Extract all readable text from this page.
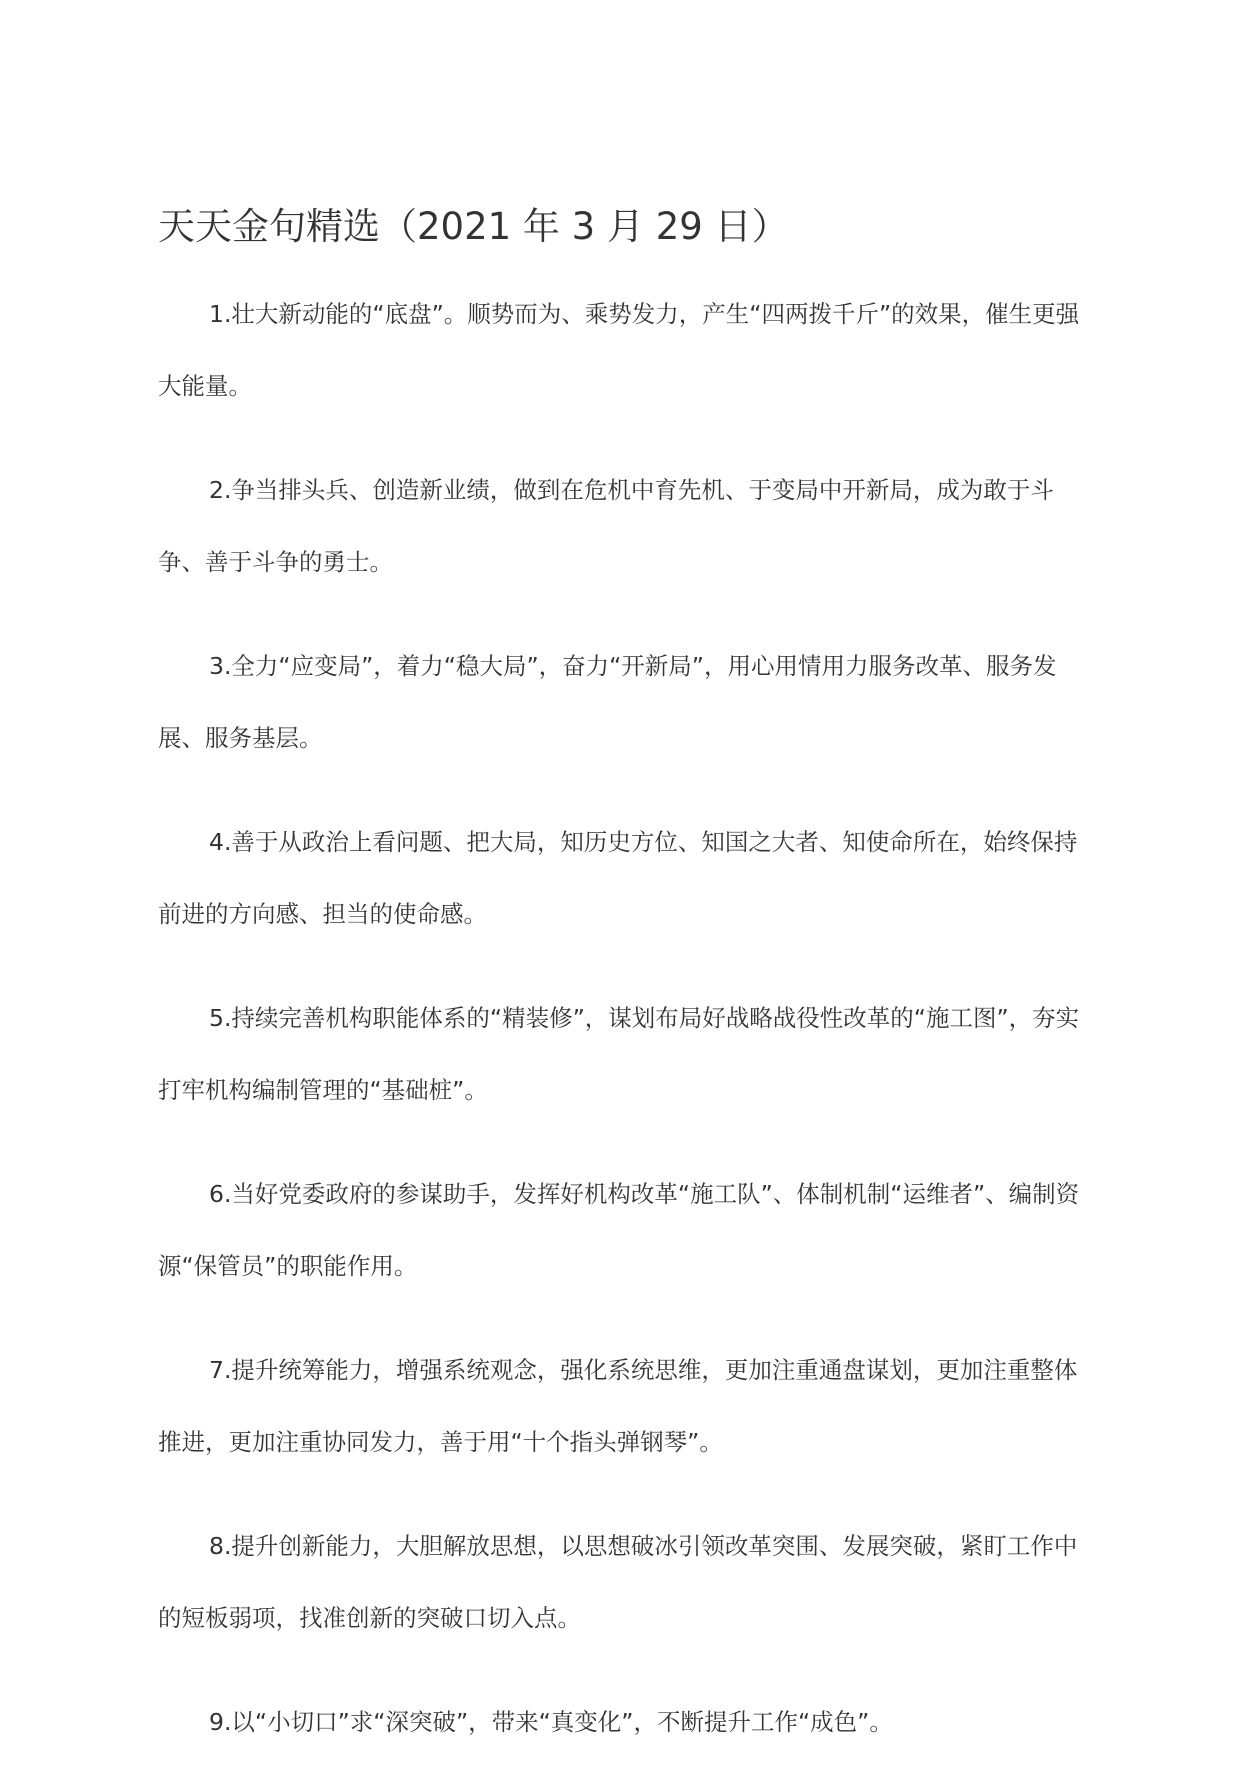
天天金句精选（2021 年 3 月 29 日）

1.壮大新动能的“底盘”。顺势而为、乘势发力，产生“四两拨千斤”的效果，催生更强大能量。

2.争当排头兵、创造新业绩，做到在危机中育先机、于变局中开新局，成为敢于斗争、善于斗争的勇士。

3.全力“应变局”，着力“稳大局”，奋力“开新局”，用心用情用力服务改革、服务发展、服务基层。

4.善于从政治上看问题、把大局，知历史方位、知国之大者、知使命所在，始终保持前进的方向感、担当的使命感。

5.持续完善机构职能体系的“精装修”，谋划布局好战略战役性改革的“施工图”，夯实打牢机构编制管理的“基础桩”。

6.当好党委政府的参谋助手，发挥好机构改革“施工队”、体制机制“运维者”、编制资源“保管员”的职能作用。

7.提升统筹能力，增强系统观念，强化系统思维，更加注重通盘谋划，更加注重整体推进，更加注重协同发力，善于用“十个指头弹钢琴”。

8.提升创新能力，大胆解放思想，以思想破冰引领改革突围、发展突破，紧盯工作中的短板弱项，找准创新的突破口切入点。

9.以“小切口”求“深突破”，带来“真变化”，不断提升工作“成色”。
